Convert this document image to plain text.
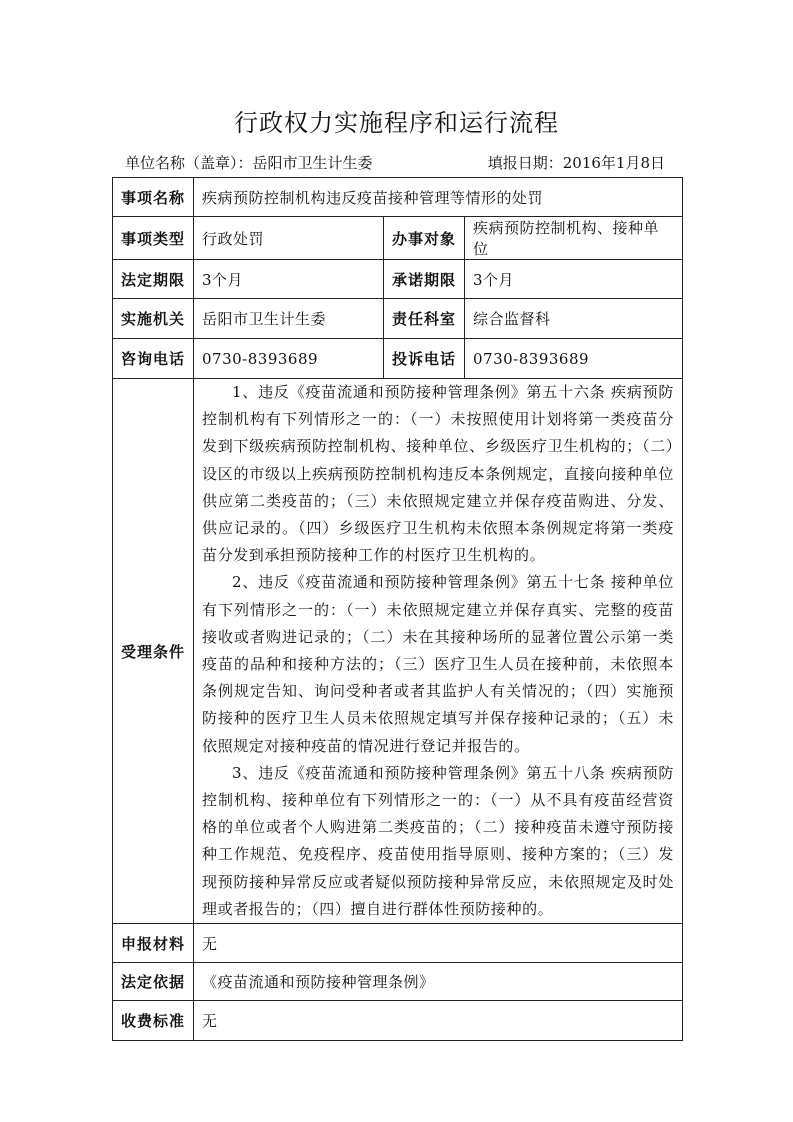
行政权力实施程序和运行流程
单位名称（盖章）：岳阳市卫生计生委	填报日期：2016年1月8日
事项名称	疾病预防控制机构违反疫苗接种管理等情形的处罚		
事项类型	行政处罚	办事对象	疾病预防控制机构、接种单位
法定期限	3个月	承诺期限	3个月
实施机关	岳阳市卫生计生委	责任科室	综合监督科
咨询电话	0730-8393689	投诉电话	0730-8393689
受理条件	1、违反《疫苗流通和预防接种管理条例》第五十六条 疾病预防控制机构有下列情形之一的：（一）未按照使用计划将第一类疫苗分发到下级疾病预防控制机构、接种单位、乡级医疗卫生机构的；（二）设区的市级以上疾病预防控制机构违反本条例规定，直接向接种单位供应第二类疫苗的；（三）未依照规定建立并保存疫苗购进、分发、供应记录的。（四）乡级医疗卫生机构未依照本条例规定将第一类疫苗分发到承担预防接种工作的村医疗卫生机构的。

2、违反《疫苗流通和预防接种管理条例》第五十七条 接种单位有下列情形之一的：（一）未依照规定建立并保存真实、完整的疫苗接收或者购进记录的；（二）未在其接种场所的显著位置公示第一类疫苗的品种和接种方法的；（三）医疗卫生人员在接种前，未依照本条例规定告知、询问受种者或者其监护人有关情况的；（四）实施预防接种的医疗卫生人员未依照规定填写并保存接种记录的；（五）未依照规定对接种疫苗的情况进行登记并报告的。

3、违反《疫苗流通和预防接种管理条例》第五十八条 疾病预防控制机构、接种单位有下列情形之一的：（一）从不具有疫苗经营资格的单位或者个人购进第二类疫苗的；（二）接种疫苗未遵守预防接种工作规范、免疫程序、疫苗使用指导原则、接种方案的；（三）发现预防接种异常反应或者疑似预防接种异常反应，未依照规定及时处理或者报告的；（四）擅自进行群体性预防接种的。		

申报材料	无		
法定依据	《疫苗流通和预防接种管理条例》		
收费标准	无		
